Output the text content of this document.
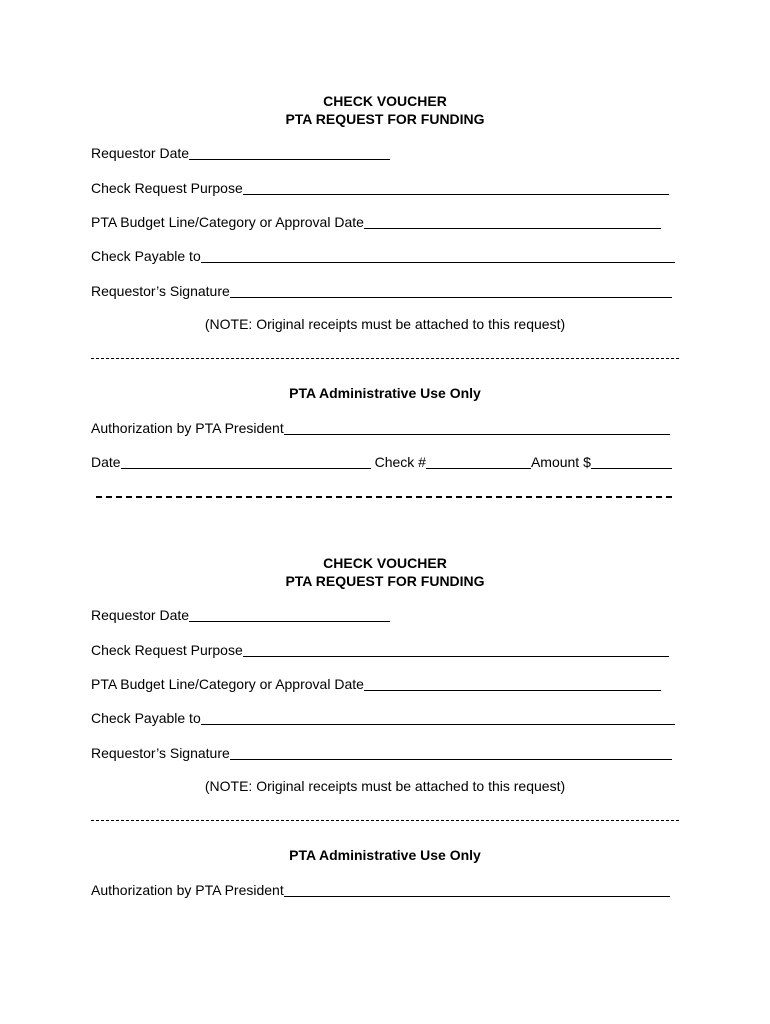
CHECK VOUCHER

PTA REQUEST FOR FUNDING

Requestor Date
Check Request Purpose
PTA Budget Line/Category or Approval Date
Check Payable to
Requestor’s Signature
(NOTE: Original receipts must be attached to this request)
PTA Administrative Use Only
Authorization by PTA President
Date	Check #	Amount $

CHECK VOUCHER

PTA REQUEST FOR FUNDING

Requestor Date
Check Request Purpose
PTA Budget Line/Category or Approval Date
Check Payable to
Requestor’s Signature
(NOTE: Original receipts must be attached to this request)
PTA Administrative Use Only
Authorization by PTA President
